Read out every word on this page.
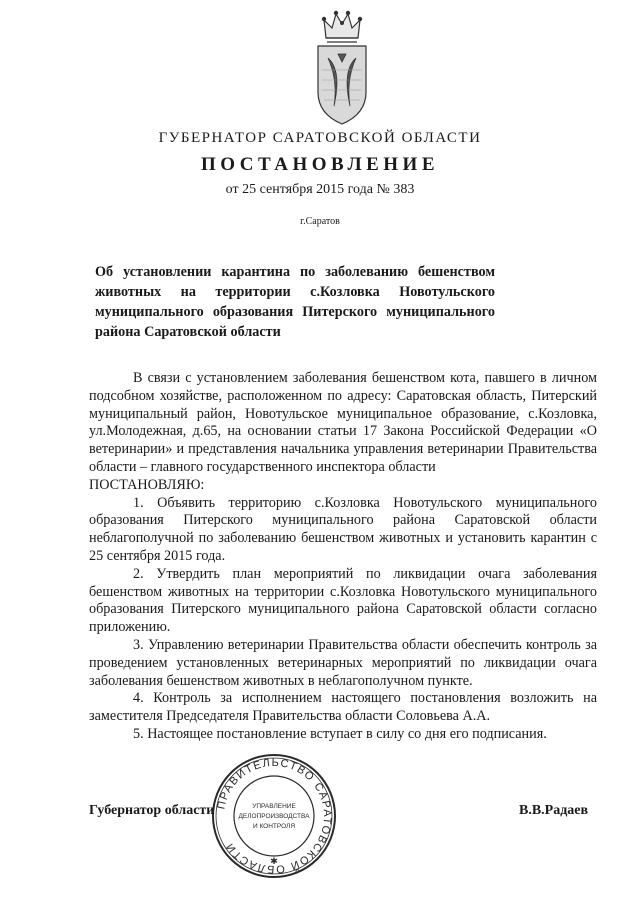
ГУБЕРНАТОР САРАТОВСКОЙ ОБЛАСТИ
ПОСТАНОВЛЕНИЕ
от 25 сентября 2015 года № 383
г.Саратов
Об установлении карантина по заболеванию бешенством животных на территории с.Козловка Новотульского муниципального образования Питерского муниципального района Саратовской области

В связи с установлением заболевания бешенством кота, павшего в личном подсобном хозяйстве, расположенном по адресу: Саратовская область, Питерский муниципальный район, Новотульское муниципальное образование, с.Козловка, ул.Молодежная, д.65, на основании статьи 17 Закона Российской Федерации «О ветеринарии» и представления начальника управления ветеринарии Правительства области – главного государственного инспектора области

ПОСТАНОВЛЯЮ:

1. Объявить территорию с.Козловка Новотульского муниципального образования Питерского муниципального района Саратовской области неблагополучной по заболеванию бешенством животных и установить карантин с 25 сентября 2015 года.

2. Утвердить план мероприятий по ликвидации очага заболевания бешенством животных на территории с.Козловка Новотульского муниципального образования Питерского муниципального района Саратовской области согласно приложению.

3. Управлению ветеринарии Правительства области обеспечить контроль за проведением установленных ветеринарных мероприятий по ликвидации очага заболевания бешенством животных в неблагополучном пункте.

4. Контроль за исполнением настоящего постановления возложить на заместителя Председателя Правительства области Соловьева А.А.

5. Настоящее постановление вступает в силу со дня его подписания.

ПРАВИТЕЛЬСТВО САРАТОВСКОЙ ОБЛАСТИ
УПРАВЛЕНИЕ
ДЕЛОПРОИЗВОДСТВА
И КОНТРОЛЯ
✱
Губернатор области	В.В.Радаев
